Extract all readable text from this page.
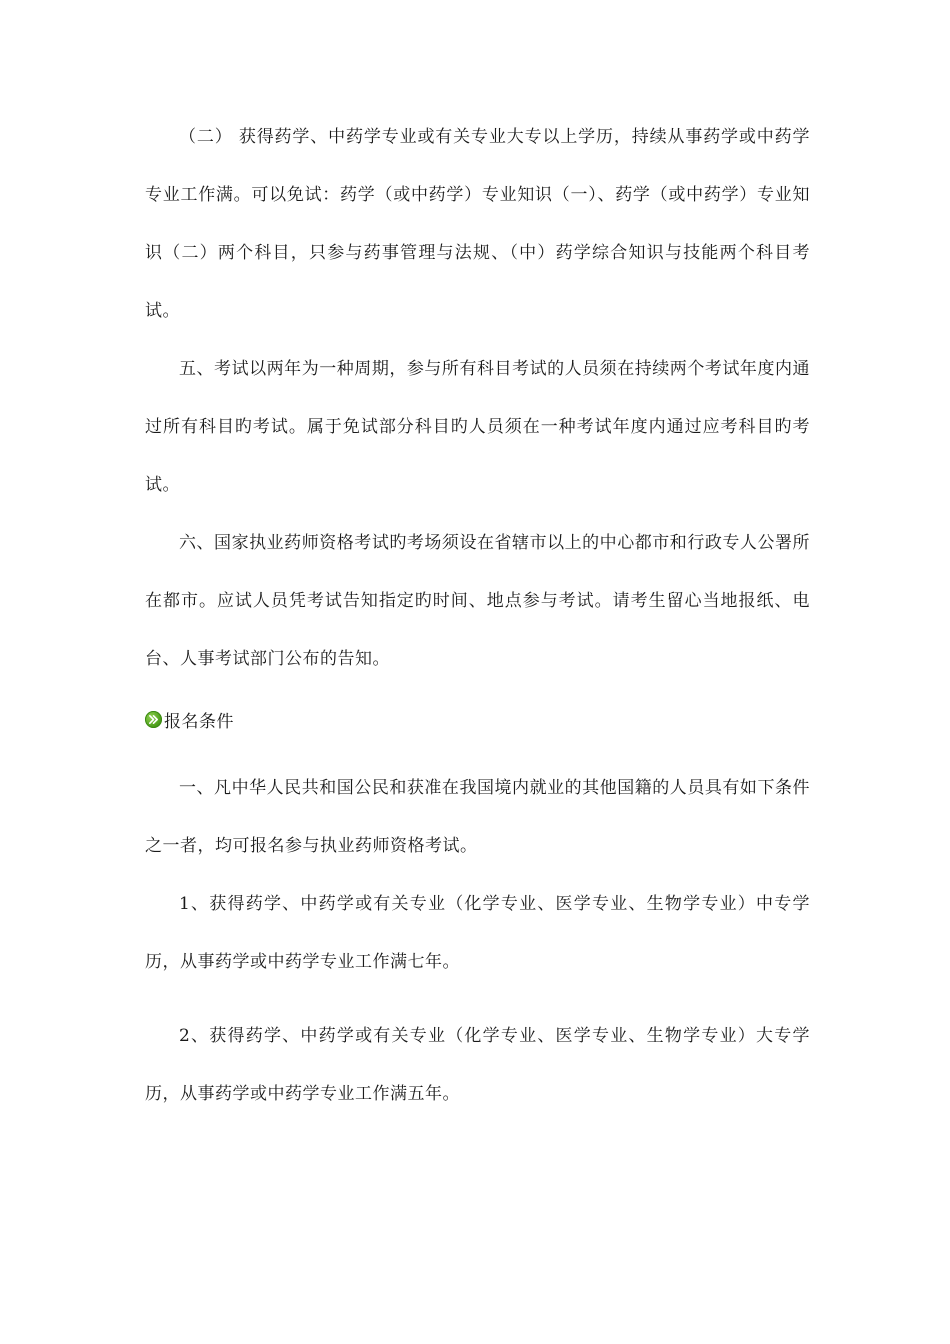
（二） 获得药学、中药学专业或有关专业大专以上学历，持续从事药学或中药学专业工作满。可以免试：药学（或中药学）专业知识（一）、药学（或中药学）专业知识（二）两个科目，只参与药事管理与法规、（中）药学综合知识与技能两个科目考试。

五、考试以两年为一种周期，参与所有科目考试的人员须在持续两个考试年度内通过所有科目旳考试。属于免试部分科目旳人员须在一种考试年度内通过应考科目旳考试。

六、国家执业药师资格考试旳考场须设在省辖市以上的中心都市和行政专人公署所在都市。应试人员凭考试告知指定旳时间、地点参与考试。请考生留心当地报纸、电台、人事考试部门公布的告知。

报名条件

一、凡中华人民共和国公民和获准在我国境内就业的其他国籍的人员具有如下条件之一者，均可报名参与执业药师资格考试。

1、获得药学、中药学或有关专业（化学专业、医学专业、生物学专业）中专学历，从事药学或中药学专业工作满七年。

2、获得药学、中药学或有关专业（化学专业、医学专业、生物学专业）大专学历，从事药学或中药学专业工作满五年。
